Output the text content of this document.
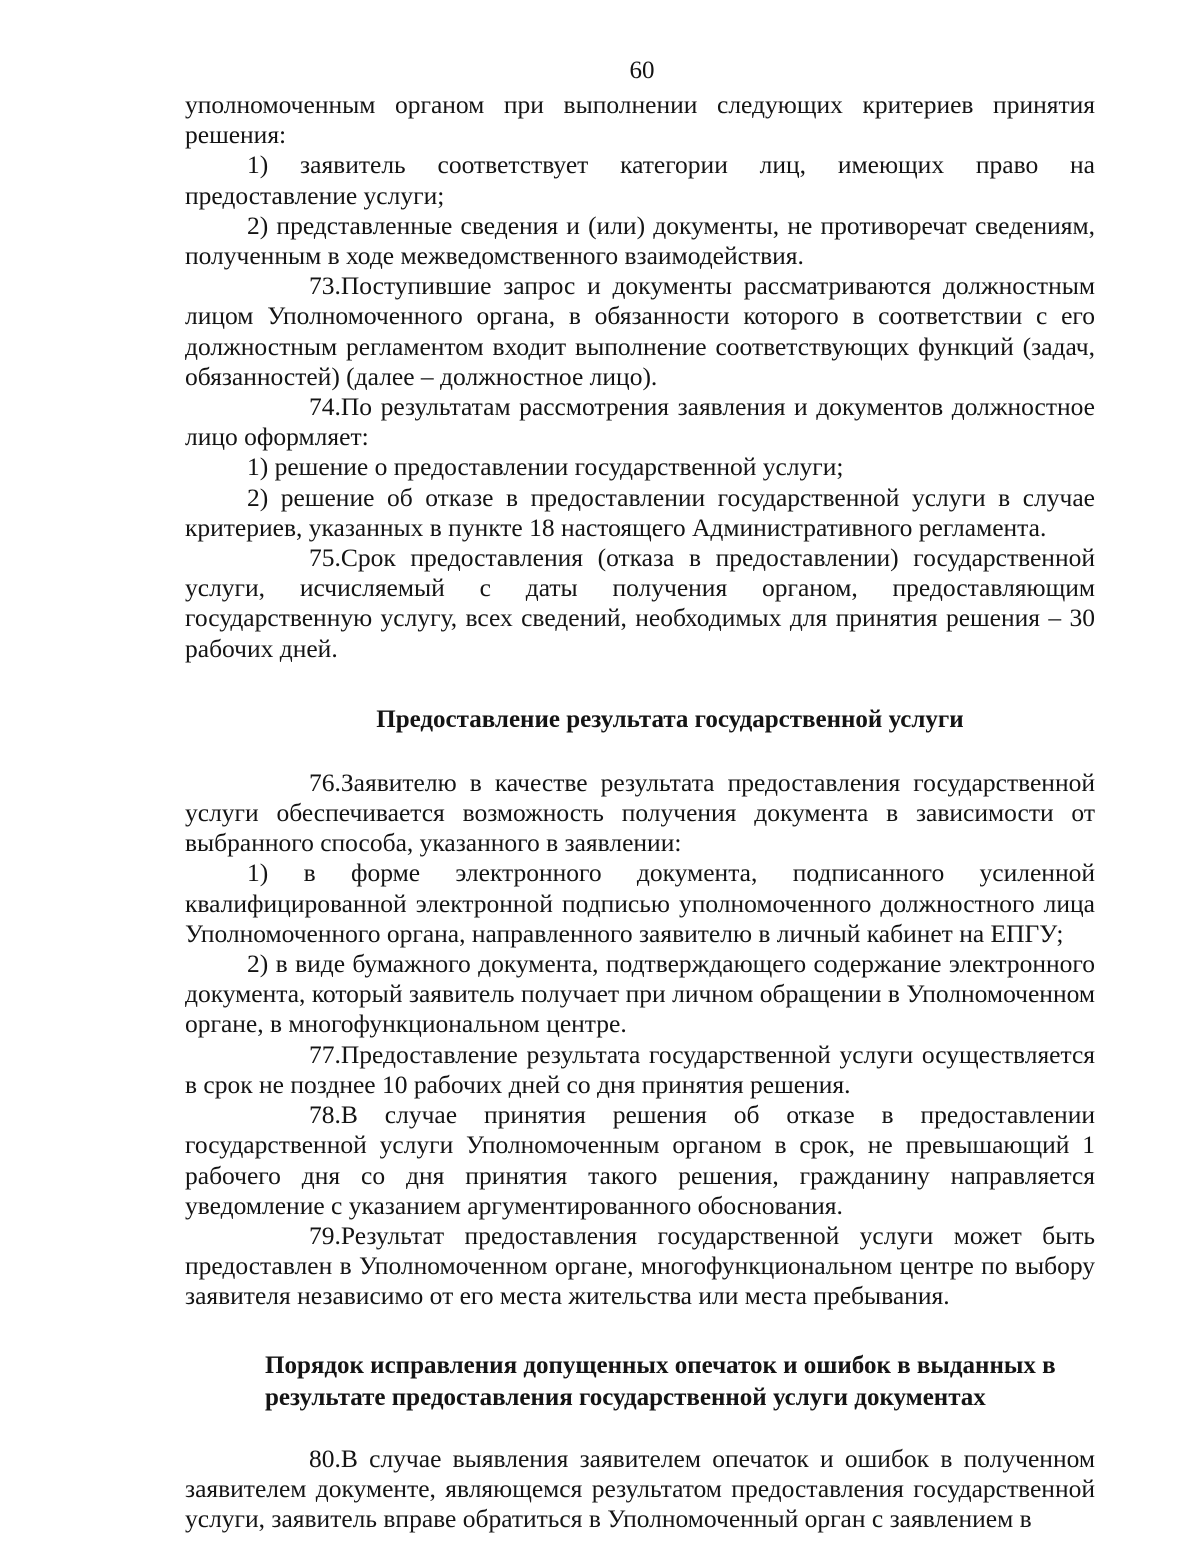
60

уполномоченным органом при выполнении следующих критериев принятия решения:

1) заявитель соответствует категории лиц, имеющих право на предоставление услуги;

2) представленные сведения и (или) документы, не противоречат сведениям, полученным в ходе межведомственного взаимодействия.

73.Поступившие запрос и документы рассматриваются должностным лицом Уполномоченного органа, в обязанности которого в соответствии с его должностным регламентом входит выполнение соответствующих функций (задач, обязанностей) (далее – должностное лицо).

74.По результатам рассмотрения заявления и документов должностное лицо оформляет:

1) решение о предоставлении государственной услуги;

2) решение об отказе в предоставлении государственной услуги в случае критериев, указанных в пункте 18 настоящего Административного регламента.

75.Срок предоставления (отказа в предоставлении) государственной услуги, исчисляемый с даты получения органом, предоставляющим государственную услугу, всех сведений, необходимых для принятия решения – 30 рабочих дней.

Предоставление результата государственной услуги

76.Заявителю в качестве результата предоставления государственной услуги обеспечивается возможность получения документа в зависимости от выбранного способа, указанного в заявлении:

1) в форме электронного документа, подписанного усиленной квалифицированной электронной подписью уполномоченного должностного лица Уполномоченного органа, направленного заявителю в личный кабинет на ЕПГУ;

2) в виде бумажного документа, подтверждающего содержание электронного документа, который заявитель получает при личном обращении в Уполномоченном органе, в многофункциональном центре.

77.Предоставление результата государственной услуги осуществляется в срок не позднее 10 рабочих дней со дня принятия решения.

78.В случае принятия решения об отказе в предоставлении государственной услуги Уполномоченным органом в срок, не превышающий 1 рабочего дня со дня принятия такого решения, гражданину направляется уведомление с указанием аргументированного обоснования.

79.Результат предоставления государственной услуги может быть предоставлен в Уполномоченном органе, многофункциональном центре по выбору заявителя независимо от его места жительства или места пребывания.

Порядок исправления допущенных опечаток и ошибок в выданных в
результате предоставления государственной услуги документах

80.В случае выявления заявителем опечаток и ошибок в полученном заявителем документе, являющемся результатом предоставления государственной услуги, заявитель вправе обратиться в Уполномоченный орган с заявлением в
